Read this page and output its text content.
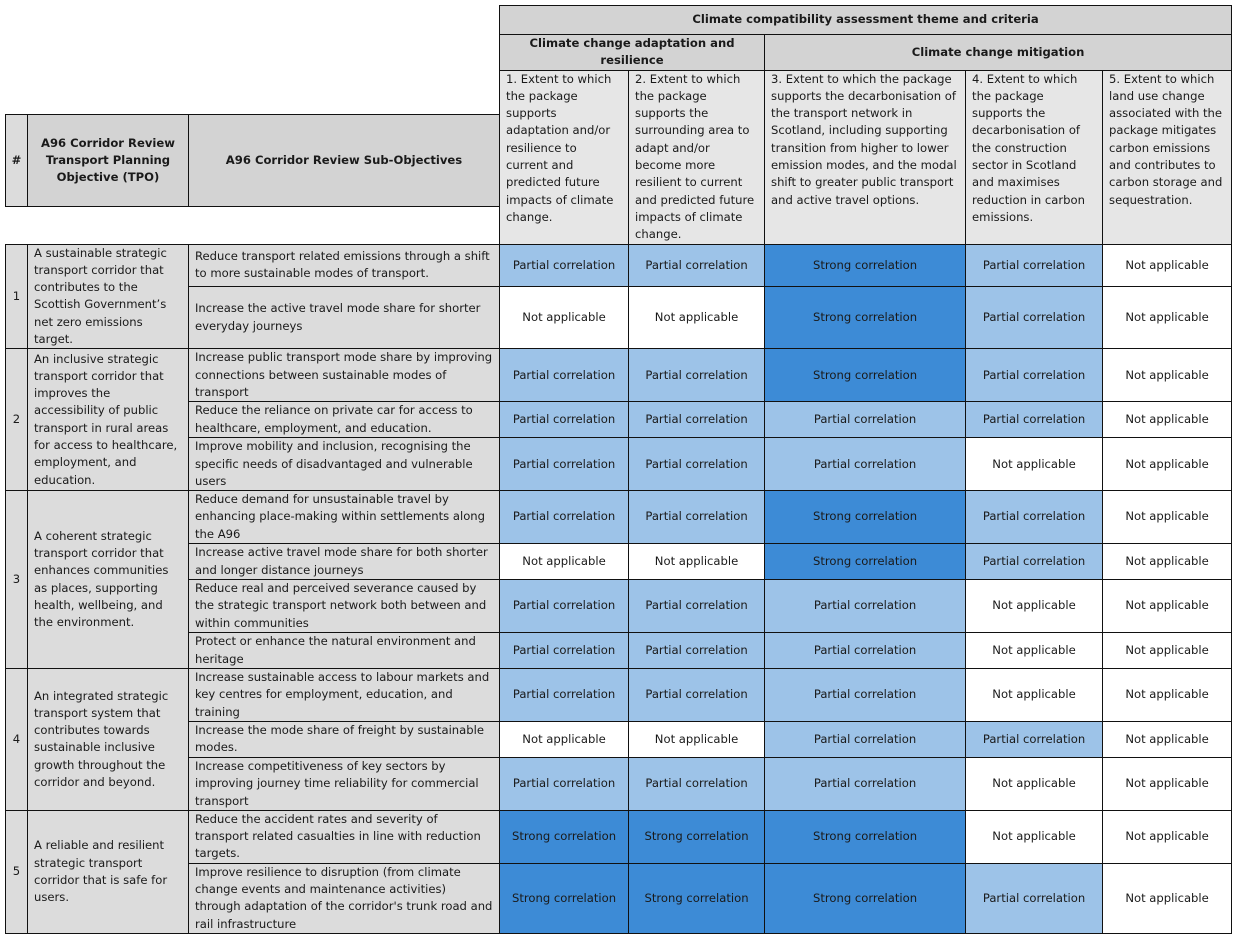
			Climate compatibility assessment theme and criteria				
			Climate change adaptation and resilience		Climate change mitigation		
			1. Extent to which the package supports adaptation and/or resilience to current and predicted future impacts of climate change.	2. Extent to which the package supports the surrounding area to adapt and/or become more resilient to current and predicted future impacts of climate change.	3. Extent to which the package supports the decarbonisation of the transport network in Scotland, including supporting transition from higher to lower emission modes, and the modal shift to greater public transport and active travel options.	4. Extent to which the package supports the decarbonisation of the construction sector in Scotland and maximises reduction in carbon emissions.	5. Extent to which land use change associated with the package mitigates carbon emissions and contributes to carbon storage and sequestration.
1	A sustainable strategic transport corridor that contributes to the Scottish Government’s net zero emissions target.	Reduce transport related emissions through a shift to more sustainable modes of transport.	Partial correlation	Partial correlation	Strong correlation	Partial correlation	Not applicable
		Increase the active travel mode share for shorter everyday journeys	Not applicable	Not applicable	Strong correlation	Partial correlation	Not applicable
2	An inclusive strategic transport corridor that improves the accessibility of public transport in rural areas for access to healthcare, employment, and education.	Increase public transport mode share by improving connections between sustainable modes of transport	Partial correlation	Partial correlation	Strong correlation	Partial correlation	Not applicable
		Reduce the reliance on private car for access to healthcare, employment, and education.	Partial correlation	Partial correlation	Partial correlation	Partial correlation	Not applicable
		Improve mobility and inclusion, recognising the specific needs of disadvantaged and vulnerable users	Partial correlation	Partial correlation	Partial correlation	Not applicable	Not applicable
3	A coherent strategic transport corridor that enhances communities as places, supporting health, wellbeing, and the environment.	Reduce demand for unsustainable travel by enhancing place-making within settlements along the A96	Partial correlation	Partial correlation	Strong correlation	Partial correlation	Not applicable
		Increase active travel mode share for both shorter and longer distance journeys	Not applicable	Not applicable	Strong correlation	Partial correlation	Not applicable
		Reduce real and perceived severance caused by the strategic transport network both between and within communities	Partial correlation	Partial correlation	Partial correlation	Not applicable	Not applicable
		Protect or enhance the natural environment and heritage	Partial correlation	Partial correlation	Partial correlation	Not applicable	Not applicable
4	An integrated strategic transport system that contributes towards sustainable inclusive growth throughout the corridor and beyond.	Increase sustainable access to labour markets and key centres for employment, education, and training	Partial correlation	Partial correlation	Partial correlation	Not applicable	Not applicable
		Increase the mode share of freight by sustainable modes.	Not applicable	Not applicable	Partial correlation	Partial correlation	Not applicable
		Increase competitiveness of key sectors by improving journey time reliability for commercial transport	Partial correlation	Partial correlation	Partial correlation	Not applicable	Not applicable
5	A reliable and resilient strategic transport corridor that is safe for users.	Reduce the accident rates and severity of transport related casualties in line with reduction targets.	Strong correlation	Strong correlation	Strong correlation	Not applicable	Not applicable
		Improve resilience to disruption (from climate change events and maintenance activities) through adaptation of the corridor's trunk road and rail infrastructure	Strong correlation	Strong correlation	Strong correlation	Partial correlation	Not applicable
#	A96 Corridor Review Transport Planning Objective (TPO)	A96 Corridor Review Sub-Objectives
